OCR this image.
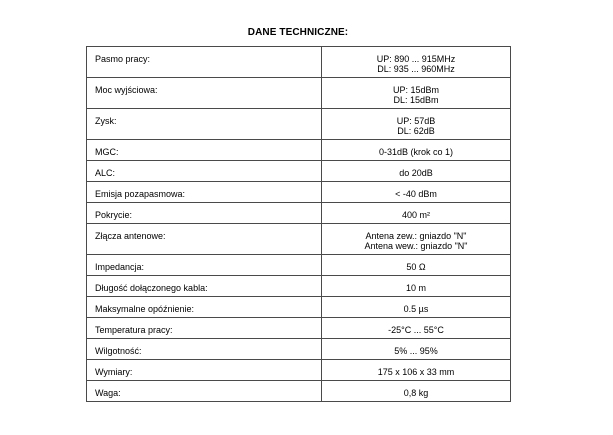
DANE TECHNICZNE:
Pasmo pracy:	UP: 890 ... 915MHz
DL: 935 ... 960MHz

Moc wyjściowa:	UP: 15dBm
DL: 15dBm

Zysk:	UP: 57dB
DL: 62dB

MGC:	0-31dB (krok co 1)

ALC:	do 20dB

Emisja pozapasmowa:	< -40 dBm

Pokrycie:	400 m²

Złącza antenowe:	Antena zew.: gniazdo "N"
Antena wew.: gniazdo "N"

Impedancja:	50 Ω

Długość dołączonego kabla:	10 m

Maksymalne opóźnienie:	0.5 µs

Temperatura pracy:	-25°C ... 55°C

Wilgotność:	5% ... 95%

Wymiary:	175 x 106 x 33 mm

Waga:	0,8 kg
